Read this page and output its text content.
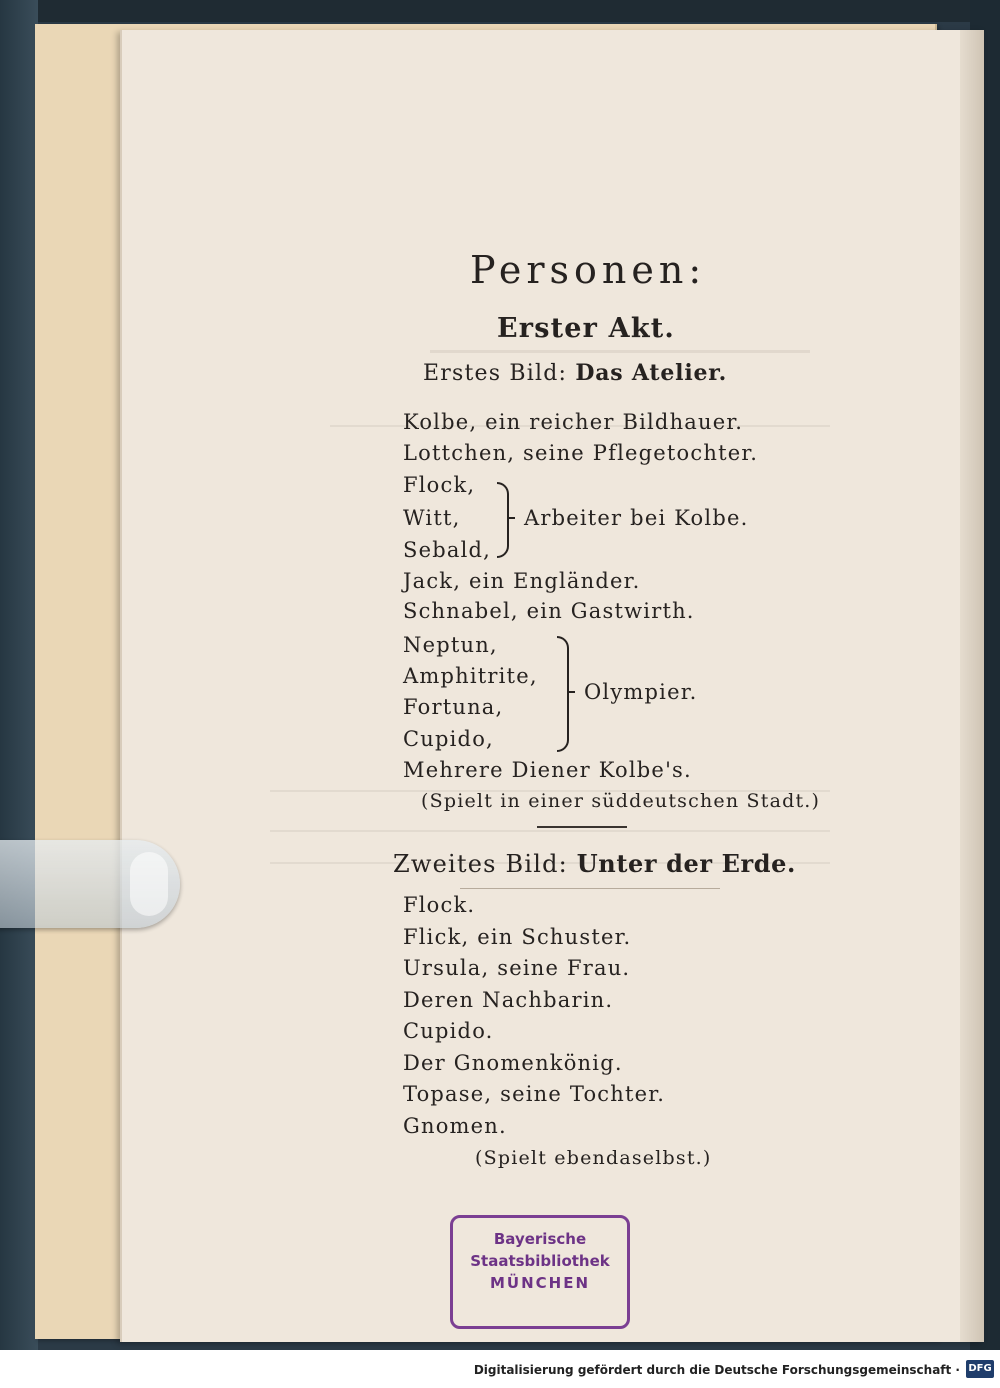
Personen:
Erster Akt.
Erstes Bild: Das Atelier.
Kolbe, ein reicher Bildhauer.
Lottchen, seine Pflegetochter.
Flock,
Witt,
Sebald,
Arbeiter bei Kolbe.
Jack, ein Engländer.
Schnabel, ein Gastwirth.
Neptun,
Amphitrite,
Fortuna,
Cupido,
Olympier.
Mehrere Diener Kolbe's.
(Spielt in einer süddeutschen Stadt.)
Zweites Bild: Unter der Erde.
Flock.
Flick, ein Schuster.
Ursula, seine Frau.
Deren Nachbarin.
Cupido.
Der Gnomenkönig.
Topase, seine Tochter.
Gnomen.
(Spielt ebendaselbst.)
Bayerische
Staatsbibliothek
MÜNCHEN
Digitalisierung gefördert durch die Deutsche Forschungsgemeinschaft · DFG
